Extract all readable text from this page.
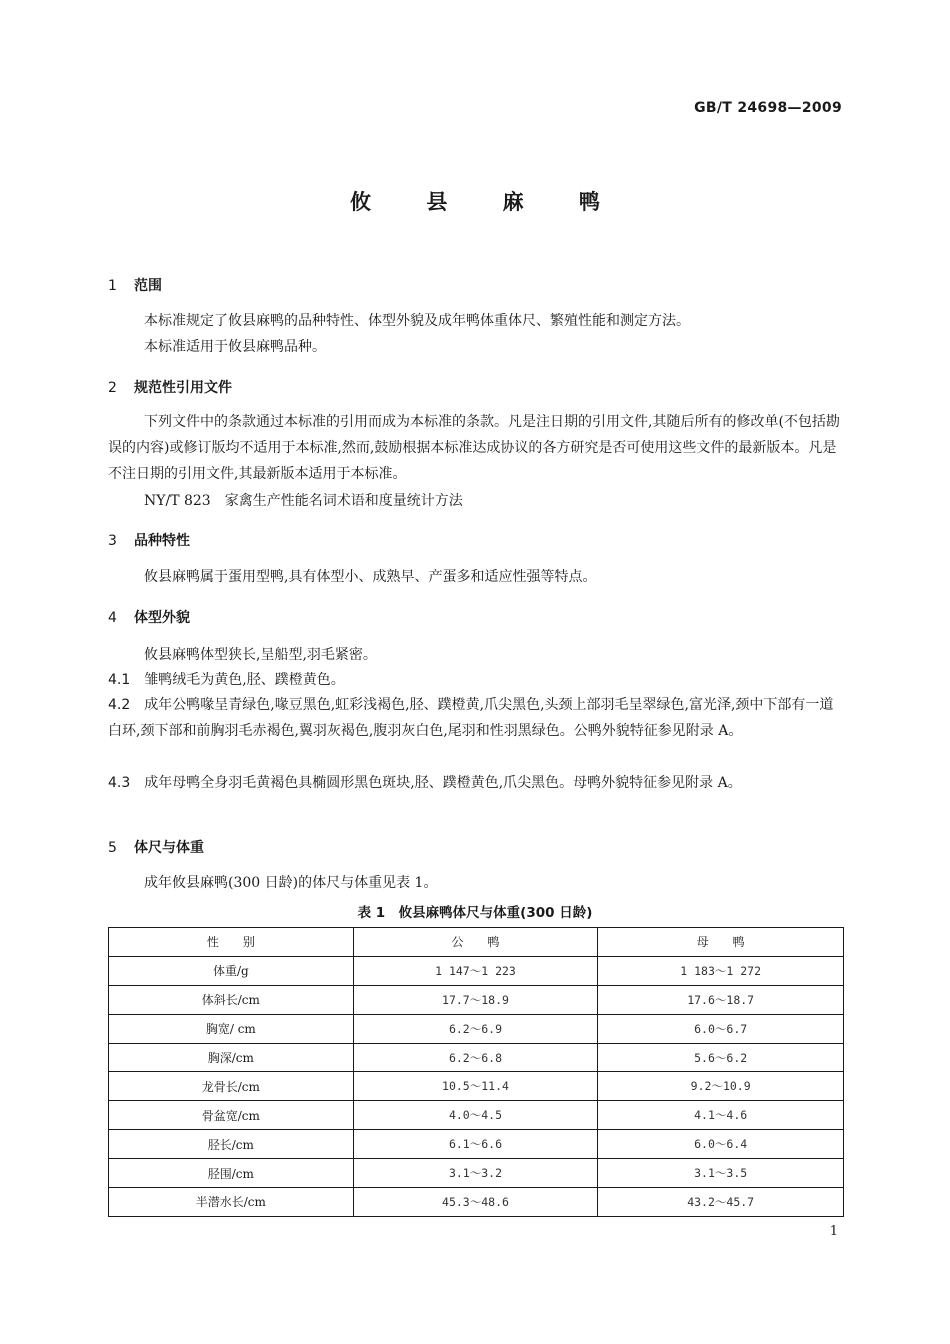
GB/T 24698—2009
攸 县 麻 鸭
1 范围
本标准规定了攸县麻鸭的品种特性、体型外貌及成年鸭体重体尺、繁殖性能和测定方法。
本标准适用于攸县麻鸭品种。
2 规范性引用文件
下列文件中的条款通过本标准的引用而成为本标准的条款。凡是注日期的引用文件,其随后所有的修改单(不包括勘误的内容)或修订版均不适用于本标准,然而,鼓励根据本标准达成协议的各方研究是否可使用这些文件的最新版本。凡是不注日期的引用文件,其最新版本适用于本标准。
NY/T 823　家禽生产性能名词术语和度量统计方法
3 品种特性
攸县麻鸭属于蛋用型鸭,具有体型小、成熟早、产蛋多和适应性强等特点。
4 体型外貌
攸县麻鸭体型狭长,呈船型,羽毛紧密。
4.1 雏鸭绒毛为黄色,胫、蹼橙黄色。
4.2 成年公鸭喙呈青绿色,喙豆黑色,虹彩浅褐色,胫、蹼橙黄,爪尖黑色,头颈上部羽毛呈翠绿色,富光泽,颈中下部有一道白环,颈下部和前胸羽毛赤褐色,翼羽灰褐色,腹羽灰白色,尾羽和性羽黑绿色。公鸭外貌特征参见附录 A。
4.3 成年母鸭全身羽毛黄褐色具椭圆形黑色斑块,胫、蹼橙黄色,爪尖黑色。母鸭外貌特征参见附录 A。
5 体尺与体重
成年攸县麻鸭(300 日龄)的体尺与体重见表 1。
表 1　攸县麻鸭体尺与体重(300 日龄)
性　　别	公　　鸭	母　　鸭
体重/g	1 147～1 223	1 183～1 272
体斜长/cm	17.7～18.9	17.6～18.7
胸宽/ cm	6.2～6.9	6.0～6.7
胸深/cm	6.2～6.8	5.6～6.2
龙骨长/cm	10.5～11.4	9.2～10.9
骨盆宽/cm	4.0～4.5	4.1～4.6
胫长/cm	6.1～6.6	6.0～6.4
胫围/cm	3.1～3.2	3.1～3.5
半潜水长/cm	45.3～48.6	43.2～45.7
1
